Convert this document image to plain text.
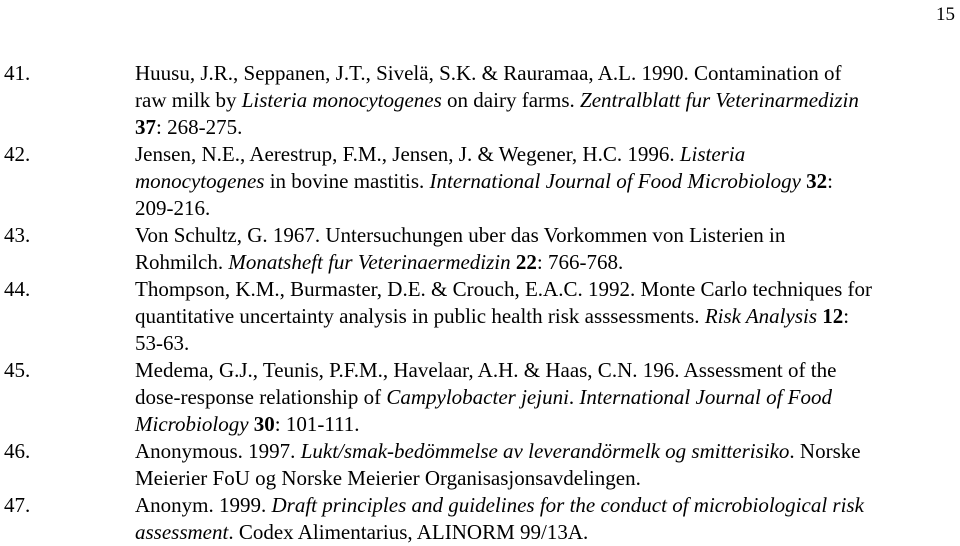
15
41.	Huusu, J.R., Seppanen, J.T., Sivelä, S.K. & Rauramaa, A.L. 1990. Contamination of
raw milk by Listeria monocytogenes on dairy farms. Zentralblatt fur Veterinarmedizin
37: 268-275.
42.	Jensen, N.E., Aerestrup, F.M., Jensen, J. & Wegener, H.C. 1996. Listeria
monocytogenes in bovine mastitis. International Journal of Food Microbiology 32:
209-216.
43.	Von Schultz, G. 1967. Untersuchungen uber das Vorkommen von Listerien in
Rohmilch. Monatsheft fur Veterinaermedizin 22: 766-768.
44.	Thompson, K.M., Burmaster, D.E. & Crouch, E.A.C. 1992. Monte Carlo techniques for
quantitative uncertainty analysis in public health risk asssessments. Risk Analysis 12:
53-63.
45.	Medema, G.J., Teunis, P.F.M., Havelaar, A.H. & Haas, C.N. 196. Assessment of the
dose-response relationship of Campylobacter jejuni. International Journal of Food
Microbiology 30: 101-111.
46.	Anonymous. 1997. Lukt/smak-bedömmelse av leverandörmelk og smitterisiko. Norske
Meierier FoU og Norske Meierier Organisasjonsavdelingen.
47.	Anonym. 1999. Draft principles and guidelines for the conduct of microbiological risk
assessment. Codex Alimentarius, ALINORM 99/13A.
